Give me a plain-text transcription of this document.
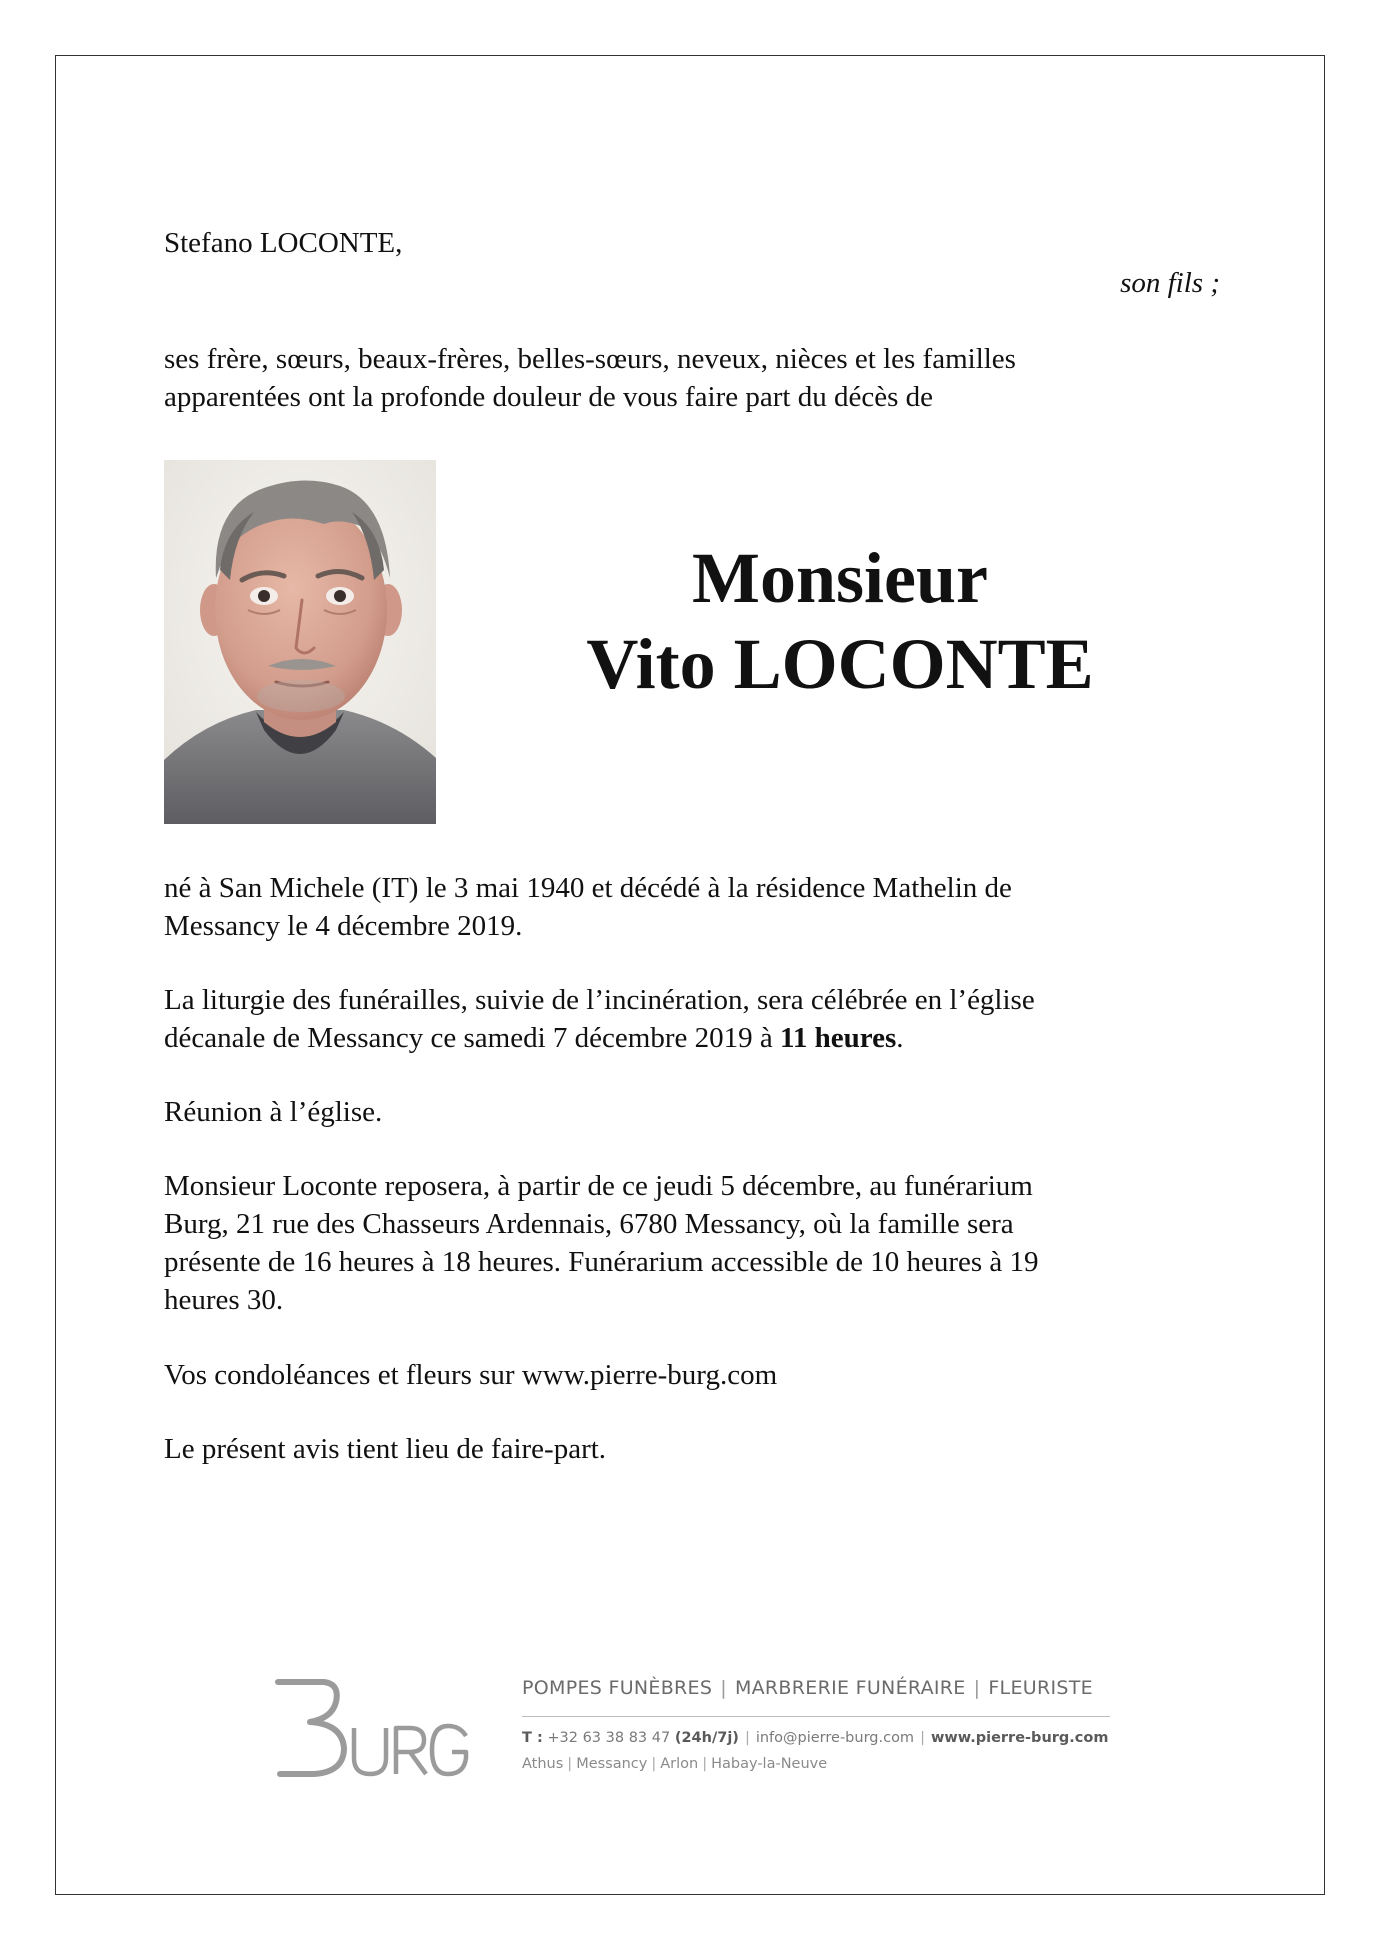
Stefano LOCONTE,
son fils ;
ses frère, sœurs, beaux-frères, belles-sœurs, neveux, nièces et les familles
apparentées ont la profonde douleur de vous faire part du décès de
Monsieur
Vito LOCONTE
né à San Michele (IT) le 3 mai 1940 et décédé à la résidence Mathelin de
Messancy le 4 décembre 2019.
La liturgie des funérailles, suivie de l’incinération, sera célébrée en l’église
décanale de Messancy ce samedi 7 décembre 2019 à 11 heures.
Réunion à l’église.
Monsieur Loconte reposera, à partir de ce jeudi 5 décembre, au funérarium
Burg, 21 rue des Chasseurs Ardennais, 6780 Messancy, où la famille sera
présente de 16 heures à 18 heures. Funérarium accessible de 10 heures à 19
heures 30.
Vos condoléances et fleurs sur www.pierre-burg.com
Le présent avis tient lieu de faire-part.
POMPES FUNÈBRES | MARBRERIE FUNÉRAIRE | FLEURISTE
T : +32 63 38 83 47 (24h/7j) | info@pierre-burg.com | www.pierre-burg.com
Athus | Messancy | Arlon | Habay-la-Neuve
